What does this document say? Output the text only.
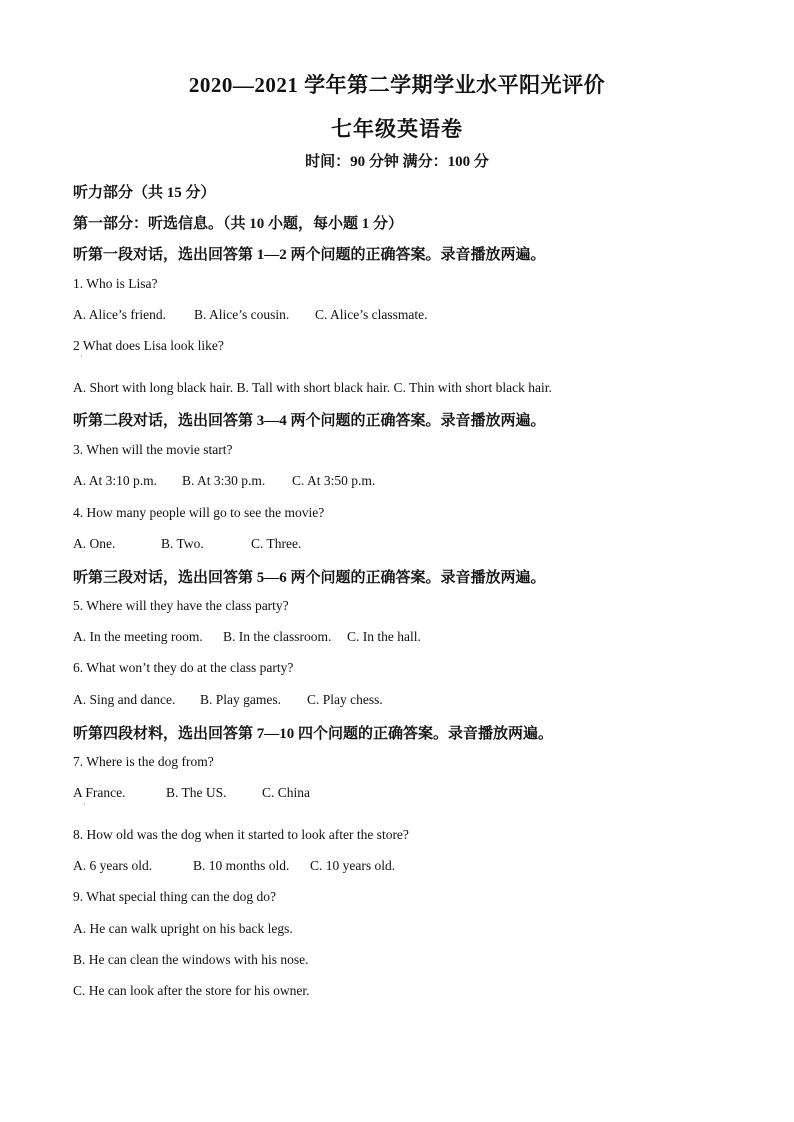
2020—2021 学年第二学期学业水平阳光评价
七年级英语卷
时间：90 分钟 满分：100 分
听力部分（共 15 分）
第一部分：听选信息。（共 10 小题，每小题 1 分）
听第一段对话，选出回答第 1—2 两个问题的正确答案。录音播放两遍。
1. Who is Lisa?
A. Alice’s friend. B. Alice’s cousin. C. Alice’s classmate.
2 What does Lisa look like?
·
A. Short with long black hair. B. Tall with short black hair. C. Thin with short black hair.
听第二段对话，选出回答第 3—4 两个问题的正确答案。录音播放两遍。
3. When will the movie start?
A. At 3:10 p.m. B. At 3:30 p.m. C. At 3:50 p.m.
4. How many people will go to see the movie?
A. One.	B. Two.	C. Three.
听第三段对话，选出回答第 5—6 两个问题的正确答案。录音播放两遍。
5. Where will they have the class party?
A. In the meeting room. B. In the classroom. C. In the hall.
6. What won’t they do at the class party?
A. Sing and dance. B. Play games. C. Play chess.
听第四段材料，选出回答第 7—10 四个问题的正确答案。录音播放两遍。
7. Where is the dog from?
A France.	B. The US.	C. China
·
8. How old was the dog when it started to look after the store?
A. 6 years old.	B. 10 months old. C. 10 years old.
9. What special thing can the dog do?
A. He can walk upright on his back legs.
B. He can clean the windows with his nose.
C. He can look after the store for his owner.
